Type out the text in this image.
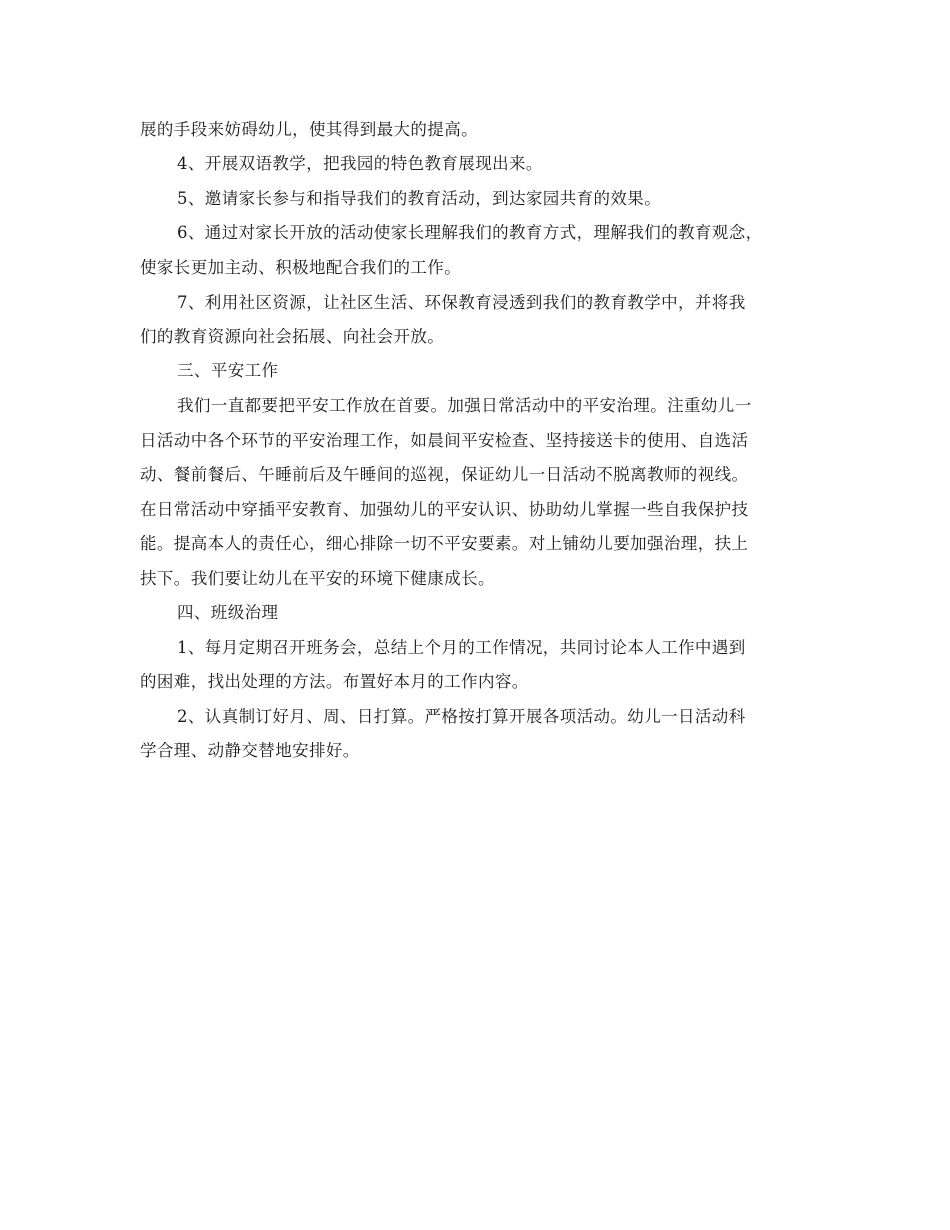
展的手段来妨碍幼儿，使其得到最大的提高。
4、开展双语教学，把我园的特色教育展现出来。
5、邀请家长参与和指导我们的教育活动，到达家园共育的效果。
6、通过对家长开放的活动使家长理解我们的教育方式，理解我们的教育观念，
使家长更加主动、积极地配合我们的工作。
7、利用社区资源，让社区生活、环保教育浸透到我们的教育教学中，并将我
们的教育资源向社会拓展、向社会开放。
三、平安工作
我们一直都要把平安工作放在首要。加强日常活动中的平安治理。注重幼儿一
日活动中各个环节的平安治理工作，如晨间平安检查、坚持接送卡的使用、自选活
动、餐前餐后、午睡前后及午睡间的巡视，保证幼儿一日活动不脱离教师的视线。
在日常活动中穿插平安教育、加强幼儿的平安认识、协助幼儿掌握一些自我保护技
能。提高本人的责任心，细心排除一切不平安要素。对上铺幼儿要加强治理，扶上
扶下。我们要让幼儿在平安的环境下健康成长。
四、班级治理
1、每月定期召开班务会，总结上个月的工作情况，共同讨论本人工作中遇到
的困难，找出处理的方法。布置好本月的工作内容。
2、认真制订好月、周、日打算。严格按打算开展各项活动。幼儿一日活动科
学合理、动静交替地安排好。
